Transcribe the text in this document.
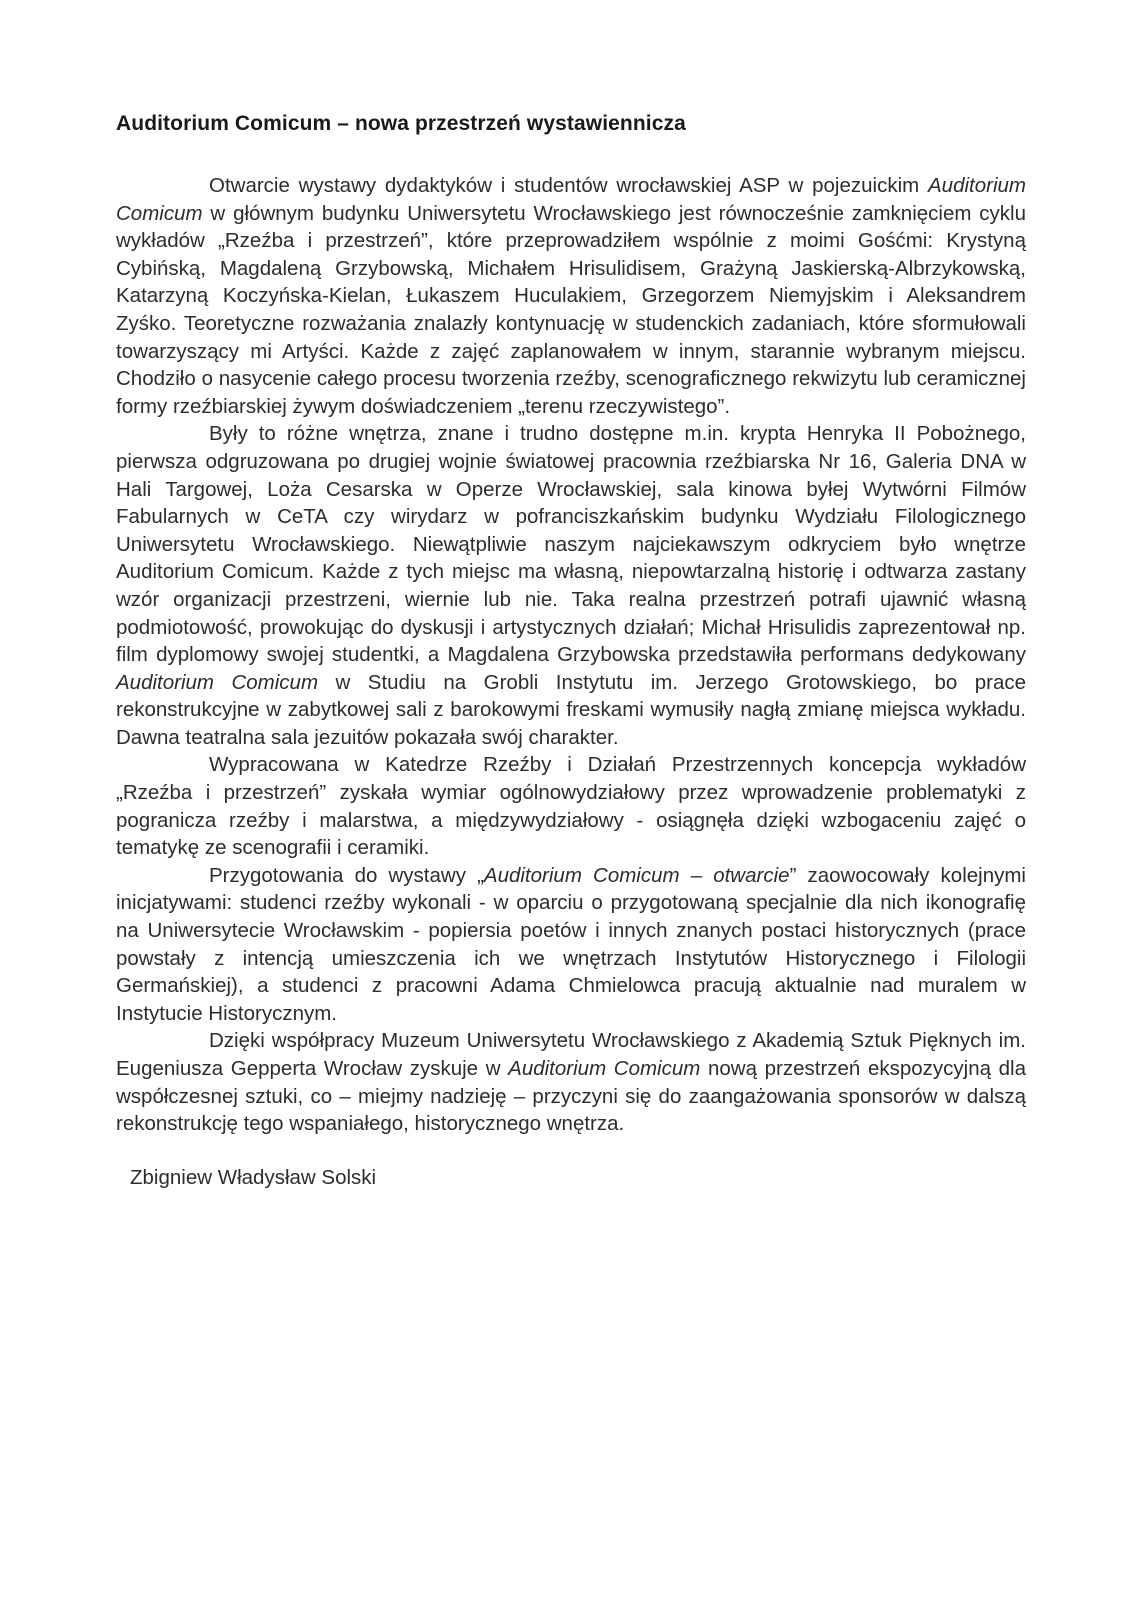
Auditorium Comicum – nowa przestrzeń wystawiennicza

Otwarcie wystawy dydaktyków i studentów wrocławskiej ASP w pojezuickim Auditorium Comicum w głównym budynku Uniwersytetu Wrocławskiego jest równocześnie zamknięciem cyklu wykładów „Rzeźba i przestrzeń”, które przeprowadziłem wspólnie z moimi Gośćmi: Krystyną Cybińską, Magdaleną Grzybowską, Michałem Hrisulidisem, Grażyną Jaskierską-Albrzykowską, Katarzyną Koczyńska-Kielan, Łukaszem Huculakiem, Grzegorzem Niemyjskim i Aleksandrem Zyśko. Teoretyczne rozważania znalazły kontynuację w studenckich zadaniach, które sformułowali towarzyszący mi Artyści. Każde z zajęć zaplanowałem w innym, starannie wybranym miejscu. Chodziło o nasycenie całego procesu tworzenia rzeźby, scenograficznego rekwizytu lub ceramicznej formy rzeźbiarskiej żywym doświadczeniem „terenu rzeczywistego”.

Były to różne wnętrza, znane i trudno dostępne m.in. krypta Henryka II Pobożnego, pierwsza odgruzowana po drugiej wojnie światowej pracownia rzeźbiarska Nr 16, Galeria DNA w Hali Targowej, Loża Cesarska w Operze Wrocławskiej, sala kinowa byłej Wytwórni Filmów Fabularnych w CeTA czy wirydarz w pofranciszkańskim budynku Wydziału Filologicznego Uniwersytetu Wrocławskiego. Niewątpliwie naszym najciekawszym odkryciem było wnętrze Auditorium Comicum. Każde z tych miejsc ma własną, niepowtarzalną historię i odtwarza zastany wzór organizacji przestrzeni, wiernie lub nie. Taka realna przestrzeń potrafi ujawnić własną podmiotowość, prowokując do dyskusji i artystycznych działań; Michał Hrisulidis zaprezentował np. film dyplomowy swojej studentki, a Magdalena Grzybowska przedstawiła performans dedykowany Auditorium Comicum w Studiu na Grobli Instytutu im. Jerzego Grotowskiego, bo prace rekonstrukcyjne w zabytkowej sali z barokowymi freskami wymusiły nagłą zmianę miejsca wykładu. Dawna teatralna sala jezuitów pokazała swój charakter.

Wypracowana w Katedrze Rzeźby i Działań Przestrzennych koncepcja wykładów „Rzeźba i przestrzeń” zyskała wymiar ogólnowydziałowy przez wprowadzenie problematyki z pogranicza rzeźby i malarstwa, a międzywydziałowy - osiągnęła dzięki wzbogaceniu zajęć o tematykę ze scenografii i ceramiki.

Przygotowania do wystawy „Auditorium Comicum – otwarcie” zaowocowały kolejnymi inicjatywami: studenci rzeźby wykonali - w oparciu o przygotowaną specjalnie dla nich ikonografię na Uniwersytecie Wrocławskim - popiersia poetów i innych znanych postaci historycznych (prace powstały z intencją umieszczenia ich we wnętrzach Instytutów Historycznego i Filologii Germańskiej), a studenci z pracowni Adama Chmielowca pracują aktualnie nad muralem w Instytucie Historycznym.

Dzięki współpracy Muzeum Uniwersytetu Wrocławskiego z Akademią Sztuk Pięknych im. Eugeniusza Gepperta Wrocław zyskuje w Auditorium Comicum nową przestrzeń ekspozycyjną dla współczesnej sztuki, co – miejmy nadzieję – przyczyni się do zaangażowania sponsorów w dalszą rekonstrukcję tego wspaniałego, historycznego wnętrza.

Zbigniew Władysław Solski
